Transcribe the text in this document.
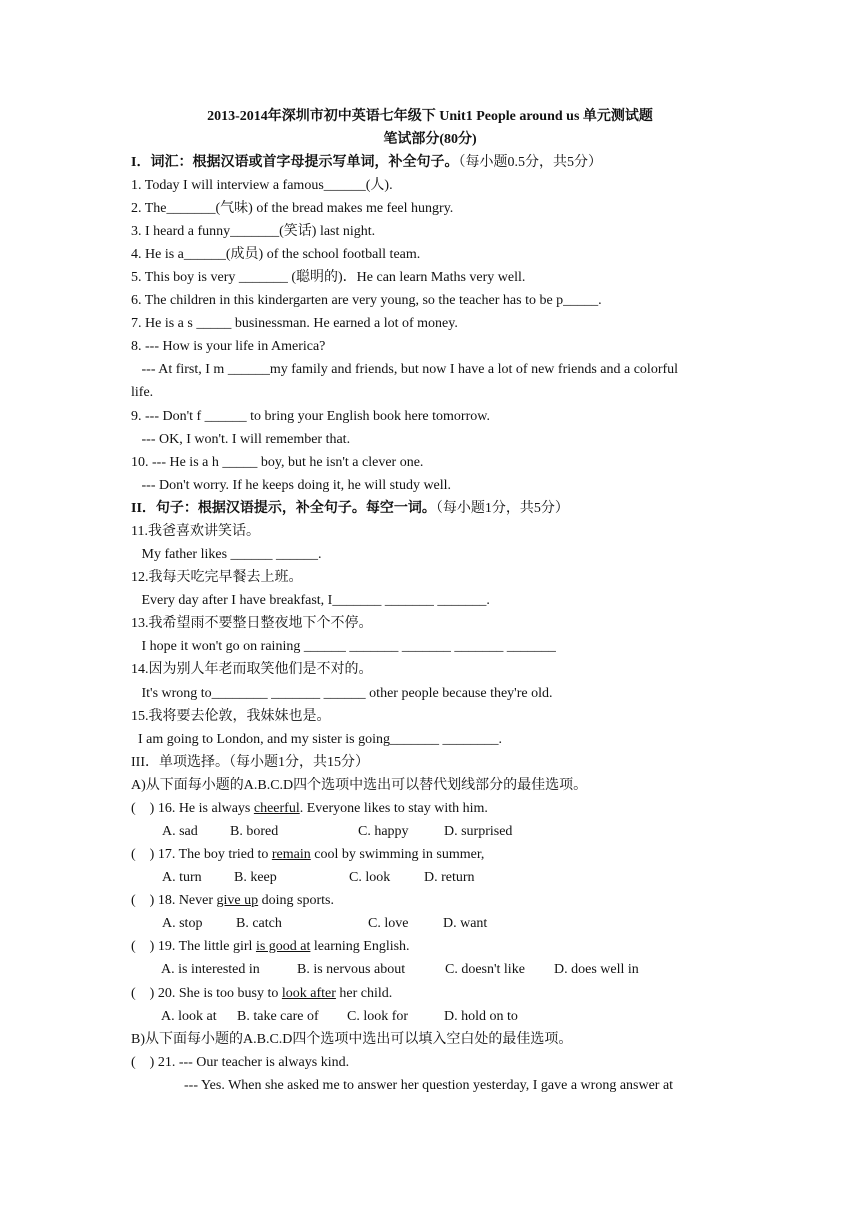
2013-2014年深圳市初中英语七年级下 Unit1 People around us 单元测试题
笔试部分(80分)
I．词汇：根据汉语或首字母提示写单词，补全句子。（每小题0.5分，共5分）
1. Today I will interview a famous______(人).
2. The_______(气味) of the bread makes me feel hungry.
3. I heard a funny_______(笑话) last night.
4. He is a______(成员) of the school football team.
5. This boy is very _______ (聪明的)．He can learn Maths very well.
6. The children in this kindergarten are very young, so the teacher has to be p_____.
7. He is a s _____ businessman. He earned a lot of money.
8. --- How is your life in America?
--- At first, I m ______my family and friends, but now I have a lot of new friends and a colorful
life.
9. --- Don't f ______ to bring your English book here tomorrow.
--- OK, I won't. I will remember that.
10. --- He is a h _____ boy, but he isn't a clever one.
--- Don't worry. If he keeps doing it, he will study well.
II．句子：根据汉语提示，补全句子。每空一词。（每小题1分，共5分）
11.我爸喜欢讲笑话。
My father likes ______ ______.
12.我每天吃完早餐去上班。
Every day after I have breakfast, I_______ _______ _______.
13.我希望雨不要整日整夜地下个不停。
I hope it won't go on raining ______ _______ _______ _______ _______
14.因为别人年老而取笑他们是不对的。
It's wrong to________ _______ ______ other people because they're old.
15.我将要去伦敦，我妹妹也是。
I am going to London, and my sister is going_______ ________.
III．单项选择。（每小题1分，共15分）
A)从下面每小题的A.B.C.D四个选项中选出可以替代划线部分的最佳选项。
(    ) 16. He is always cheerful. Everyone likes to stay with him.
A. sad B. bored	C. happy	D. surprised
(    ) 17. The boy tried to remain cool by swimming in summer,
A. turn B. keep	C. look D. return
(    ) 18. Never give up doing sports.
A. stop B. catch	C. love D. want
(    ) 19. The little girl is good at learning English.
A. is interested in	B. is nervous about	C. doesn't like D. does well in
(    ) 20. She is too busy to look after her child.
A. look at B. take care of C. look for	D. hold on to
B)从下面每小题的A.B.C.D四个选项中选出可以填入空白处的最佳选项。
(    ) 21. --- Our teacher is always kind.
--- Yes. When she asked me to answer her question yesterday, I gave a wrong answer at
